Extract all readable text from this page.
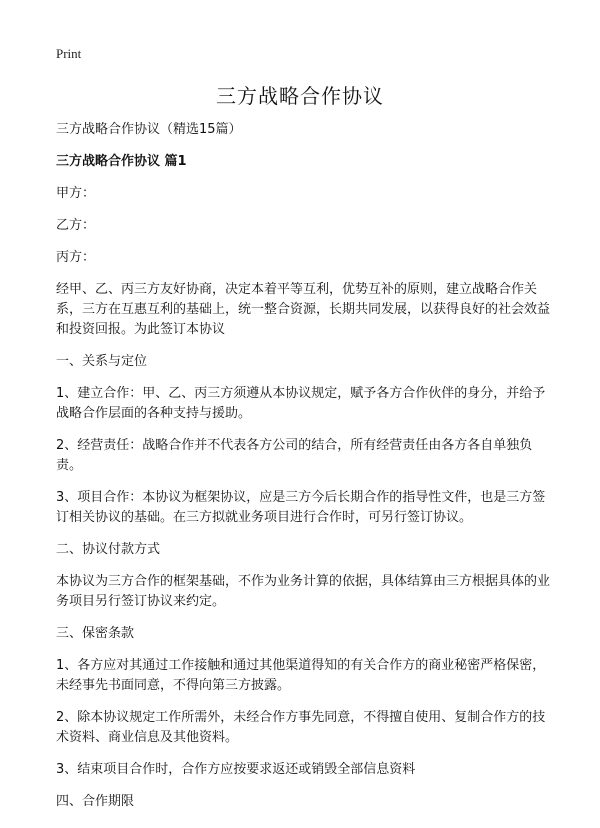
Print
三方战略合作协议

三方战略合作协议（精选15篇）

三方战略合作协议 篇1

甲方：

乙方：

丙方：

经甲、乙、丙三方友好协商，决定本着平等互利，优势互补的原则，建立战略合作关系，三方在互惠互利的基础上，统一整合资源，长期共同发展，以获得良好的社会效益和投资回报。为此签订本协议

一、关系与定位

1、建立合作：甲、乙、丙三方须遵从本协议规定，赋予各方合作伙伴的身分，并给予战略合作层面的各种支持与援助。

2、经营责任：战略合作并不代表各方公司的结合，所有经营责任由各方各自单独负责。

3、项目合作：本协议为框架协议，应是三方今后长期合作的指导性文件，也是三方签订相关协议的基础。在三方拟就业务项目进行合作时，可另行签订协议。

二、协议付款方式

本协议为三方合作的框架基础，不作为业务计算的依据，具体结算由三方根据具体的业务项目另行签订协议来约定。

三、保密条款

1、各方应对其通过工作接触和通过其他渠道得知的有关合作方的商业秘密严格保密，未经事先书面同意，不得向第三方披露。

2、除本协议规定工作所需外，未经合作方事先同意，不得擅自使用、复制合作方的技术资料、商业信息及其他资料。

3、结束项目合作时，合作方应按要求返还或销毁全部信息资料

四、合作期限
